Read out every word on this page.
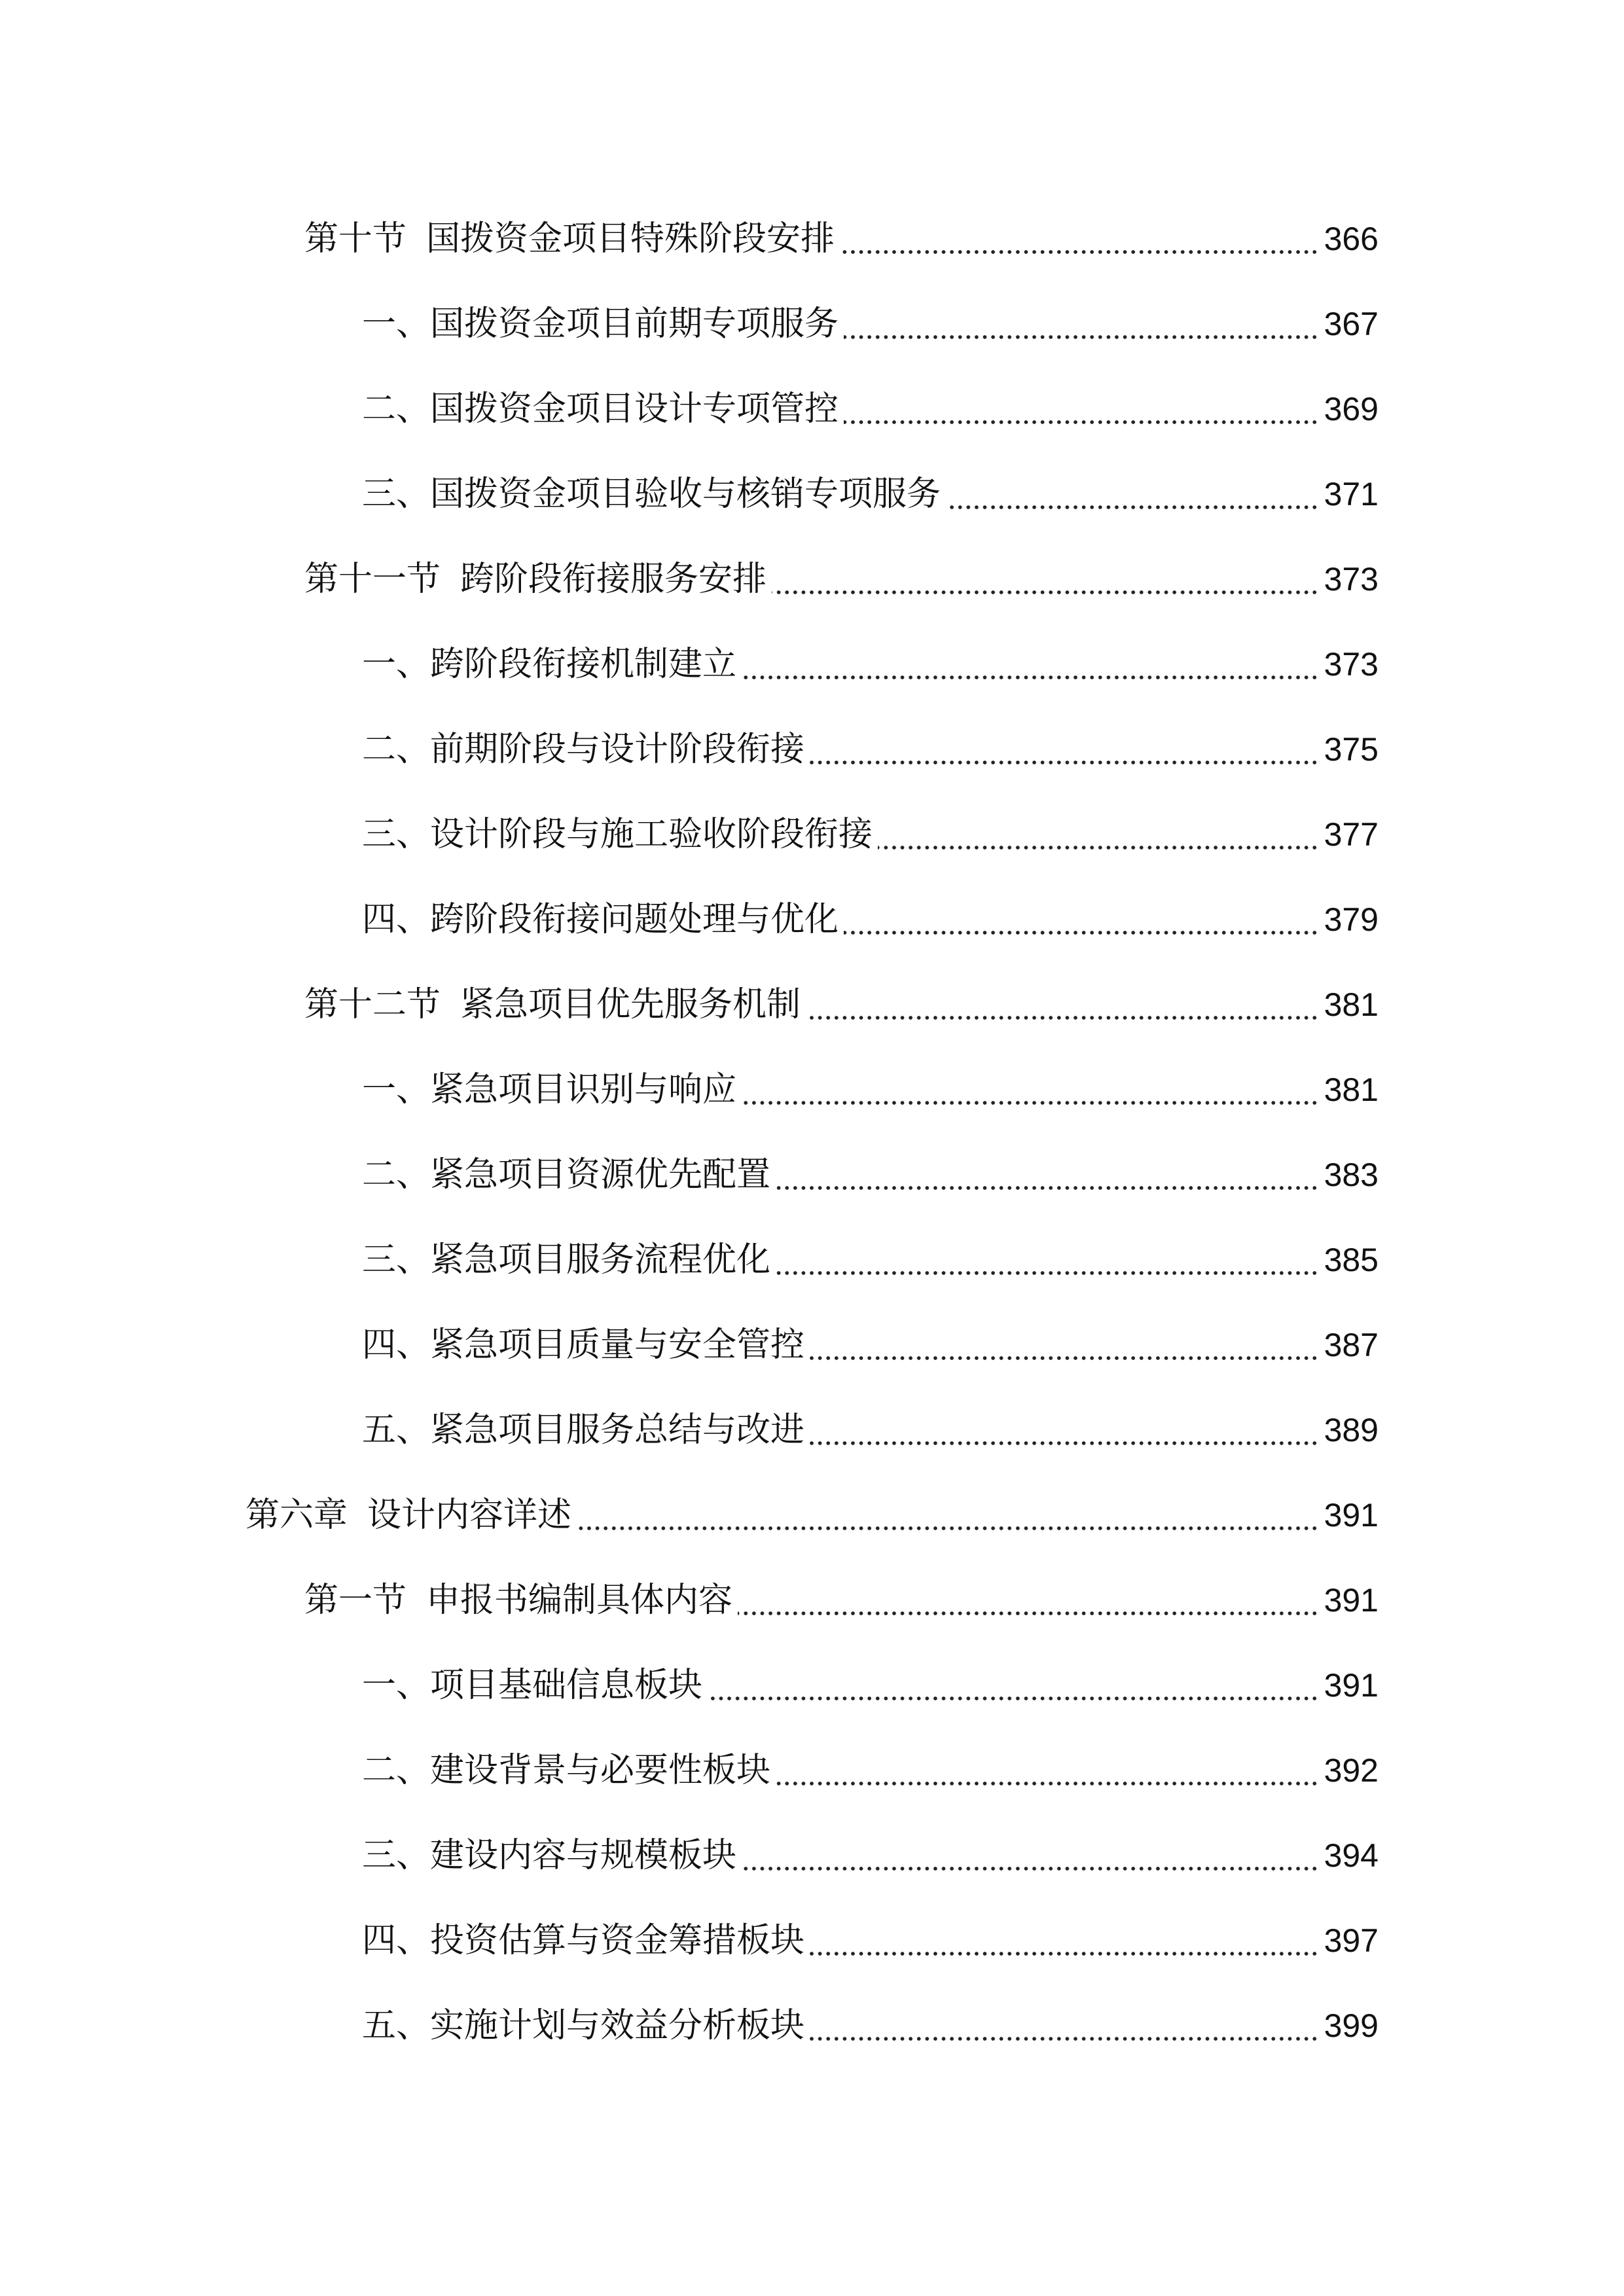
第十节 国拨资金项目特殊阶段安排	366
一、 国拨资金项目前期专项服务	367
二、 国拨资金项目设计专项管控	369
三、 国拨资金项目验收与核销专项服务	371
第十一节 跨阶段衔接服务安排	373
一、 跨阶段衔接机制建立	373
二、 前期阶段与设计阶段衔接	375
三、 设计阶段与施工验收阶段衔接	377
四、 跨阶段衔接问题处理与优化	379
第十二节 紧急项目优先服务机制	381
一、 紧急项目识别与响应	381
二、 紧急项目资源优先配置	383
三、 紧急项目服务流程优化	385
四、 紧急项目质量与安全管控	387
五、 紧急项目服务总结与改进	389
第六章 设计内容详述	391
第一节 申报书编制具体内容	391
一、 项目基础信息板块	391
二、 建设背景与必要性板块	392
三、 建设内容与规模板块	394
四、 投资估算与资金筹措板块	397
五、 实施计划与效益分析板块	399
